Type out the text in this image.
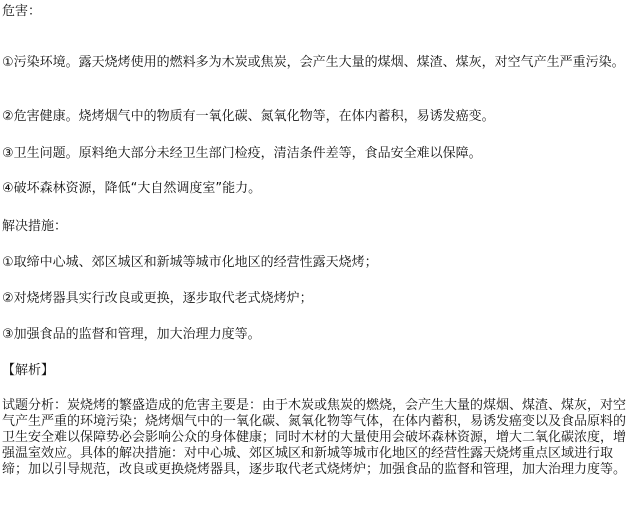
危害：
①污染环境。露天烧烤使用的燃料多为木炭或焦炭，会产生大量的煤烟、煤渣、煤灰，对空气产生严重污染。
②危害健康。烧烤烟气中的物质有一氧化碳、氮氧化物等，在体内蓄积，易诱发癌变。
③卫生问题。原料绝大部分未经卫生部门检疫，清洁条件差等，食品安全难以保障。
④破坏森林资源，降低“大自然调度室”能力。
解决措施：
①取缔中心城、郊区城区和新城等城市化地区的经营性露天烧烤；
②对烧烤器具实行改良或更换，逐步取代老式烧烤炉；
③加强食品的监督和管理，加大治理力度等。
【解析】
试题分析：炭烧烤的繁盛造成的危害主要是：由于木炭或焦炭的燃烧，会产生大量的煤烟、煤渣、煤灰，对空气产生严重的环境污染；烧烤烟气中的一氧化碳、氮氧化物等气体，在体内蓄积，易诱发癌变以及食品原料的卫生安全难以保障势必会影响公众的身体健康；同时木材的大量使用会破坏森林资源，增大二氧化碳浓度，增强温室效应。具体的解决措施：对中心城、郊区城区和新城等城市化地区的经营性露天烧烤重点区域进行取缔；加以引导规范，改良或更换烧烤器具，逐步取代老式烧烤炉；加强食品的监督和管理，加大治理力度等。
